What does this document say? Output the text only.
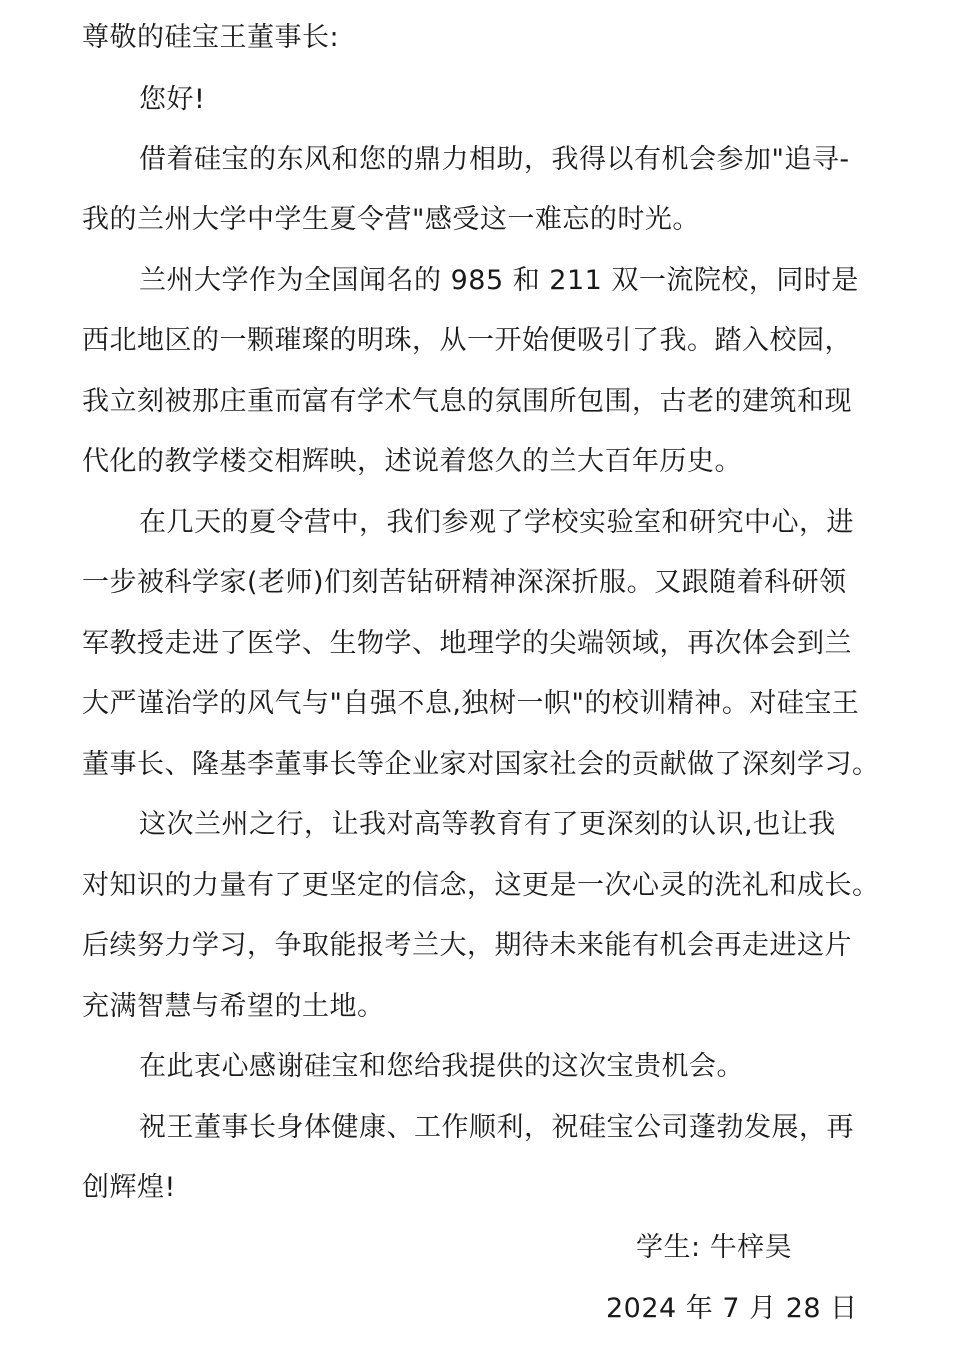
尊敬的硅宝王董事长:
您好!
借着硅宝的东风和您的鼎力相助，我得以有机会参加"追寻-
我的兰州大学中学生夏令营"感受这一难忘的时光。
兰州大学作为全国闻名的 985 和 211 双一流院校，同时是
西北地区的一颗璀璨的明珠，从一开始便吸引了我。踏入校园，
我立刻被那庄重而富有学术气息的氛围所包围，古老的建筑和现
代化的教学楼交相辉映，述说着悠久的兰大百年历史。
在几天的夏令营中，我们参观了学校实验室和研究中心，进
一步被科学家(老师)们刻苦钻研精神深深折服。又跟随着科研领
军教授走进了医学、生物学、地理学的尖端领域，再次体会到兰
大严谨治学的风气与"自强不息,独树一帜"的校训精神。对硅宝王
董事长、隆基李董事长等企业家对国家社会的贡献做了深刻学习。
这次兰州之行，让我对高等教育有了更深刻的认识,也让我
对知识的力量有了更坚定的信念，这更是一次心灵的洗礼和成长。
后续努力学习，争取能报考兰大，期待未来能有机会再走进这片
充满智慧与希望的土地。
在此衷心感谢硅宝和您给我提供的这次宝贵机会。
祝王董事长身体健康、工作顺利，祝硅宝公司蓬勃发展，再
创辉煌!
学生: 牛梓昊
2024 年 7 月 28 日
